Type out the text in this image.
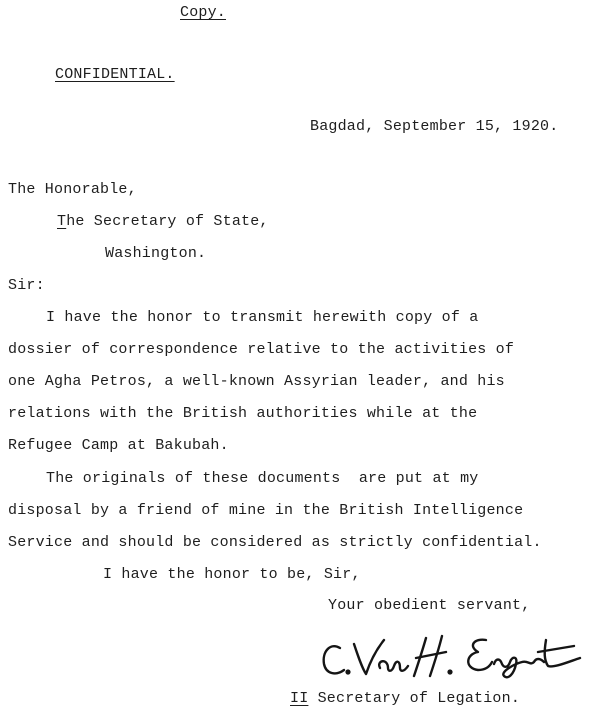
Copy.
CONFIDENTIAL.
Bagdad, September 15, 1920.
The Honorable,
The Secretary of State,
Washington.
Sir:
I have the honor to transmit herewith copy of a
dossier of correspondence relative to the activities of
one Agha Petros, a well-known Assyrian leader, and his
relations with the British authorities while at the
Refugee Camp at Bakubah.
The originals of these documents  are put at my
disposal by a friend of mine in the British Intelligence
Service and should be considered as strictly confidential.
I have the honor to be, Sir,
Your obedient servant,
II Secretary of Legation.
